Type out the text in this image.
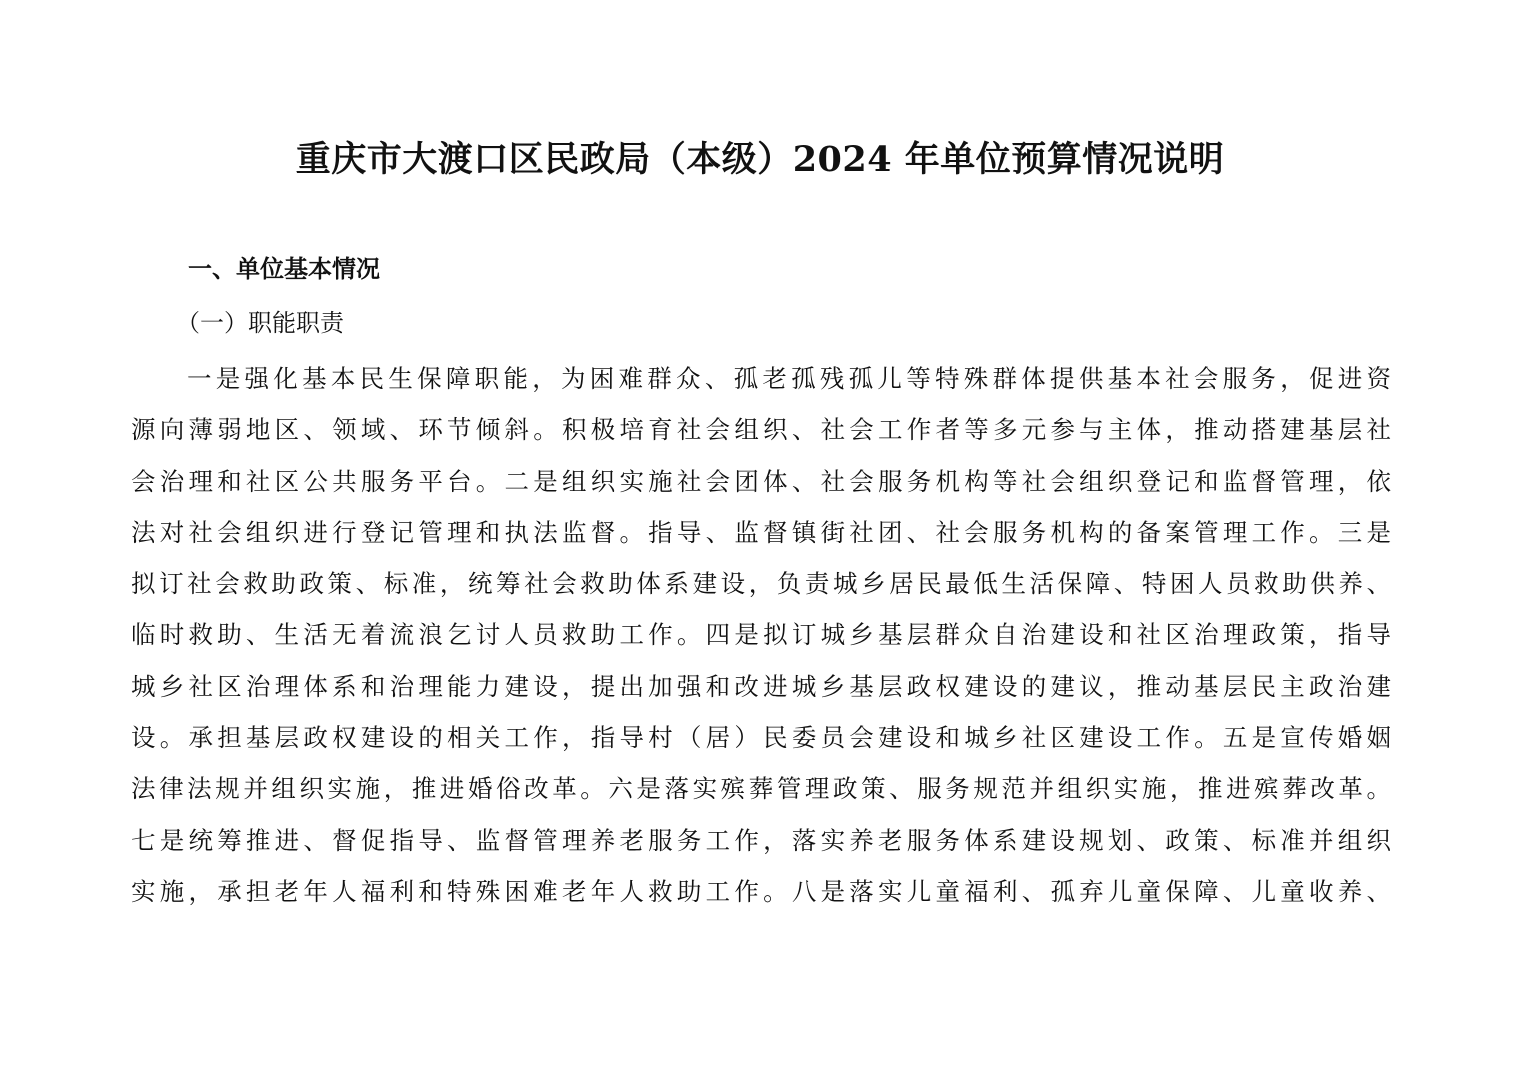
重庆市大渡口区民政局（本级）2024 年单位预算情况说明
一、单位基本情况
（一）职能职责
一是强化基本民生保障职能，为困难群众、孤老孤残孤儿等特殊群体提供基本社会服务，促进资
源向薄弱地区、领域、环节倾斜。积极培育社会组织、社会工作者等多元参与主体，推动搭建基层社
会治理和社区公共服务平台。二是组织实施社会团体、社会服务机构等社会组织登记和监督管理，依
法对社会组织进行登记管理和执法监督。指导、监督镇街社团、社会服务机构的备案管理工作。三是
拟订社会救助政策、标准，统筹社会救助体系建设，负责城乡居民最低生活保障、特困人员救助供养、
临时救助、生活无着流浪乞讨人员救助工作。四是拟订城乡基层群众自治建设和社区治理政策，指导
城乡社区治理体系和治理能力建设，提出加强和改进城乡基层政权建设的建议，推动基层民主政治建
设。承担基层政权建设的相关工作，指导村（居）民委员会建设和城乡社区建设工作。五是宣传婚姻
法律法规并组织实施，推进婚俗改革。六是落实殡葬管理政策、服务规范并组织实施，推进殡葬改革。
七是统筹推进、督促指导、监督管理养老服务工作，落实养老服务体系建设规划、政策、标准并组织
实施，承担老年人福利和特殊困难老年人救助工作。八是落实儿童福利、孤弃儿童保障、儿童收养、
